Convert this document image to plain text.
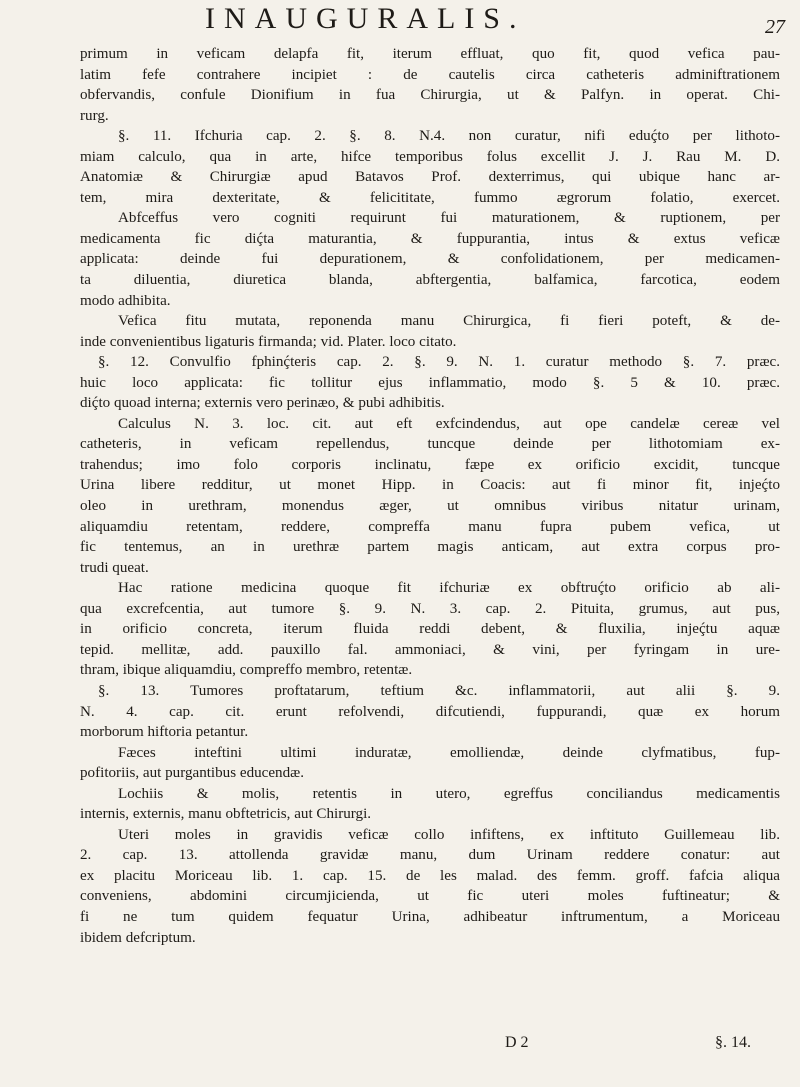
INAUGURALIS.	27
primum in veficam delapfa fit, iterum effluat, quo fit, quod vefica pau-
latim fefe contrahere incipiet : de cautelis circa catheteris adminiftrationem
obfervandis, confule Dionifium in fua Chirurgia, ut & Palfyn. in operat. Chi-
rurg.
§. 11. Ifchuria cap. 2. §. 8. N.4. non curatur, nifi eduḉto per lithoto-
miam calculo, qua in arte, hifce temporibus folus excellit J. J. Rau M. D.
Anatomiæ & Chirurgiæ apud Batavos Prof. dexterrimus, qui ubique hanc ar-
tem, mira dexteritate, & felicititate, fummo ægrorum folatio, exercet.
Abfceffus vero cogniti requirunt fui maturationem, & ruptionem, per
medicamenta fic diḉta maturantia, & fuppurantia, intus & extus veficæ
applicata: deinde fui depurationem, & confolidationem, per medicamen-
ta diluentia, diuretica blanda, abftergentia, balfamica, farcotica, eodem
modo adhibita.
Vefica fitu mutata, reponenda manu Chirurgica, fi fieri poteft, & de-
inde convenientibus ligaturis firmanda; vid. Plater. loco citato.
§. 12. Convulfio fphinḉteris cap. 2. §. 9. N. 1. curatur methodo §. 7. præc.
huic loco applicata: fic tollitur ejus inflammatio, modo §. 5 & 10. præc.
diḉto quoad interna; externis vero perinæo, & pubi adhibitis.
Calculus N. 3. loc. cit. aut eft exfcindendus, aut ope candelæ cereæ vel
catheteris, in veficam repellendus, tuncque deinde per lithotomiam ex-
trahendus; imo folo corporis inclinatu, fæpe ex orificio excidit, tuncque
Urina libere redditur, ut monet Hipp. in Coacis: aut fi minor fit, injeḉto
oleo in urethram, monendus æger, ut omnibus viribus nitatur urinam,
aliquamdiu retentam, reddere, compreffa manu fupra pubem vefica, ut
fic tentemus, an in urethræ partem magis anticam, aut extra corpus pro-
trudi queat.
Hac ratione medicina quoque fit ifchuriæ ex obftruḉto orificio ab ali-
qua excrefcentia, aut tumore §. 9. N. 3. cap. 2. Pituita, grumus, aut pus,
in orificio concreta, iterum fluida reddi debent, & fluxilia, injeḉtu aquæ
tepid. mellitæ, add. pauxillo fal. ammoniaci, & vini, per fyringam in ure-
thram, ibique aliquamdiu, compreffo membro, retentæ.
§. 13. Tumores proftatarum, teftium &c. inflammatorii, aut alii §. 9.
N. 4. cap. cit. erunt refolvendi, difcutiendi, fuppurandi, quæ ex horum
morborum hiftoria petantur.
Fæces inteftini ultimi induratæ, emolliendæ, deinde clyfmatibus, fup-
pofitoriis, aut purgantibus educendæ.
Lochiis & molis, retentis in utero, egreffus conciliandus medicamentis
internis, externis, manu obftetricis, aut Chirurgi.
Uteri moles in gravidis veficæ collo infiftens, ex inftituto Guillemeau lib.
2. cap. 13. attollenda gravidæ manu, dum Urinam reddere conatur: aut
ex placitu Moriceau lib. 1. cap. 15. de les malad. des femm. groff. fafcia aliqua
conveniens, abdomini circumjicienda, ut fic uteri moles fuftineatur; &
fi ne tum quidem fequatur Urina, adhibeatur inftrumentum, a Moriceau
ibidem defcriptum.
D 2	§. 14.
